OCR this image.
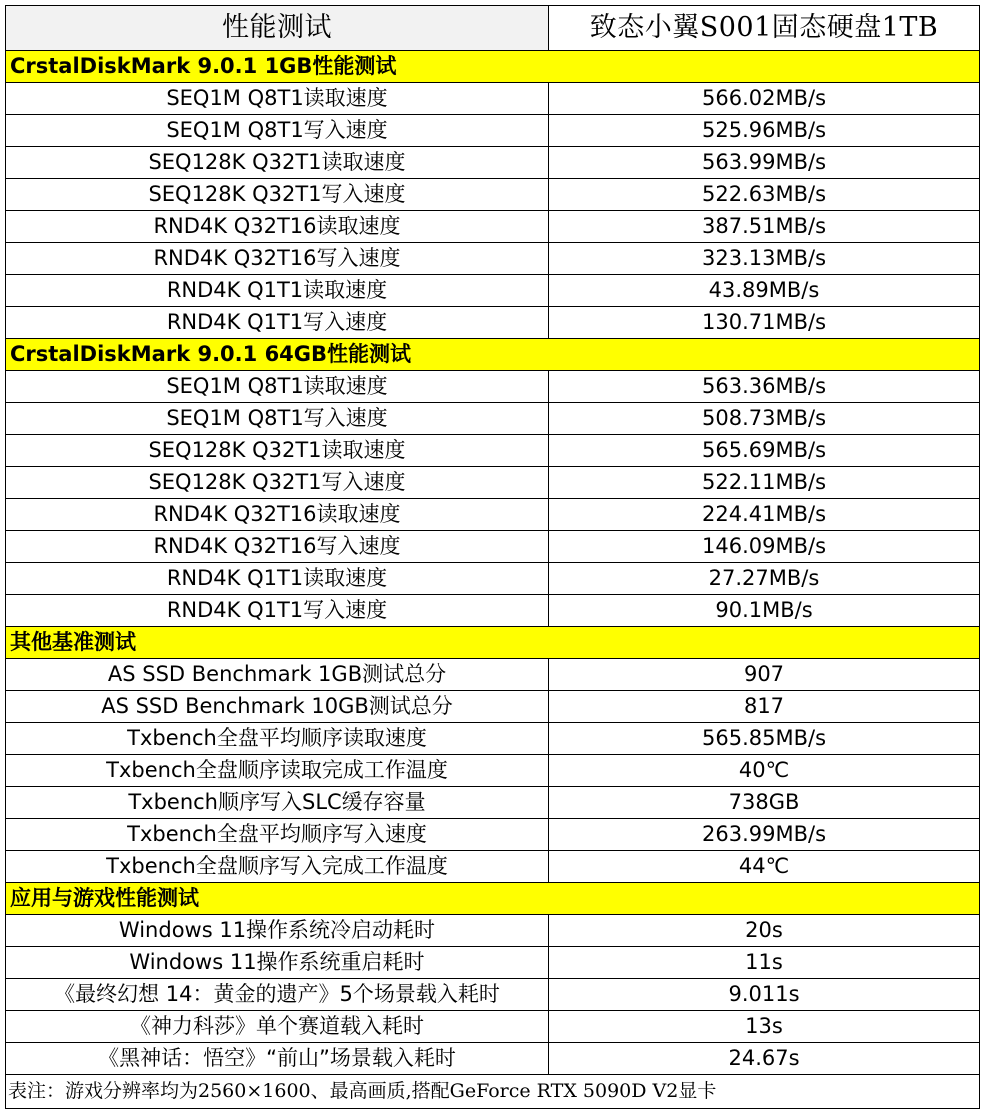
性能测试	致态小翼S001固态硬盘1TB
CrstalDiskMark 9.0.1 1GB性能测试	
SEQ1M Q8T1读取速度	566.02MB/s
SEQ1M Q8T1写入速度	525.96MB/s
SEQ128K Q32T1读取速度	563.99MB/s
SEQ128K Q32T1写入速度	522.63MB/s
RND4K Q32T16读取速度	387.51MB/s
RND4K Q32T16写入速度	323.13MB/s
RND4K Q1T1读取速度	43.89MB/s
RND4K Q1T1写入速度	130.71MB/s
CrstalDiskMark 9.0.1 64GB性能测试	
SEQ1M Q8T1读取速度	563.36MB/s
SEQ1M Q8T1写入速度	508.73MB/s
SEQ128K Q32T1读取速度	565.69MB/s
SEQ128K Q32T1写入速度	522.11MB/s
RND4K Q32T16读取速度	224.41MB/s
RND4K Q32T16写入速度	146.09MB/s
RND4K Q1T1读取速度	27.27MB/s
RND4K Q1T1写入速度	90.1MB/s
其他基准测试	
AS SSD Benchmark 1GB测试总分	907
AS SSD Benchmark 10GB测试总分	817
Txbench全盘平均顺序读取速度	565.85MB/s
Txbench全盘顺序读取完成工作温度	40℃
Txbench顺序写入SLC缓存容量	738GB
Txbench全盘平均顺序写入速度	263.99MB/s
Txbench全盘顺序写入完成工作温度	44℃
应用与游戏性能测试	
Windows 11操作系统冷启动耗时	20s
Windows 11操作系统重启耗时	11s
《最终幻想 14：黄金的遗产》5个场景载入耗时	9.011s
《神力科莎》单个赛道载入耗时	13s
《黑神话：悟空》“前山”场景载入耗时	24.67s
表注：游戏分辨率均为2560×1600、最高画质,搭配GeForce RTX 5090D V2显卡	
